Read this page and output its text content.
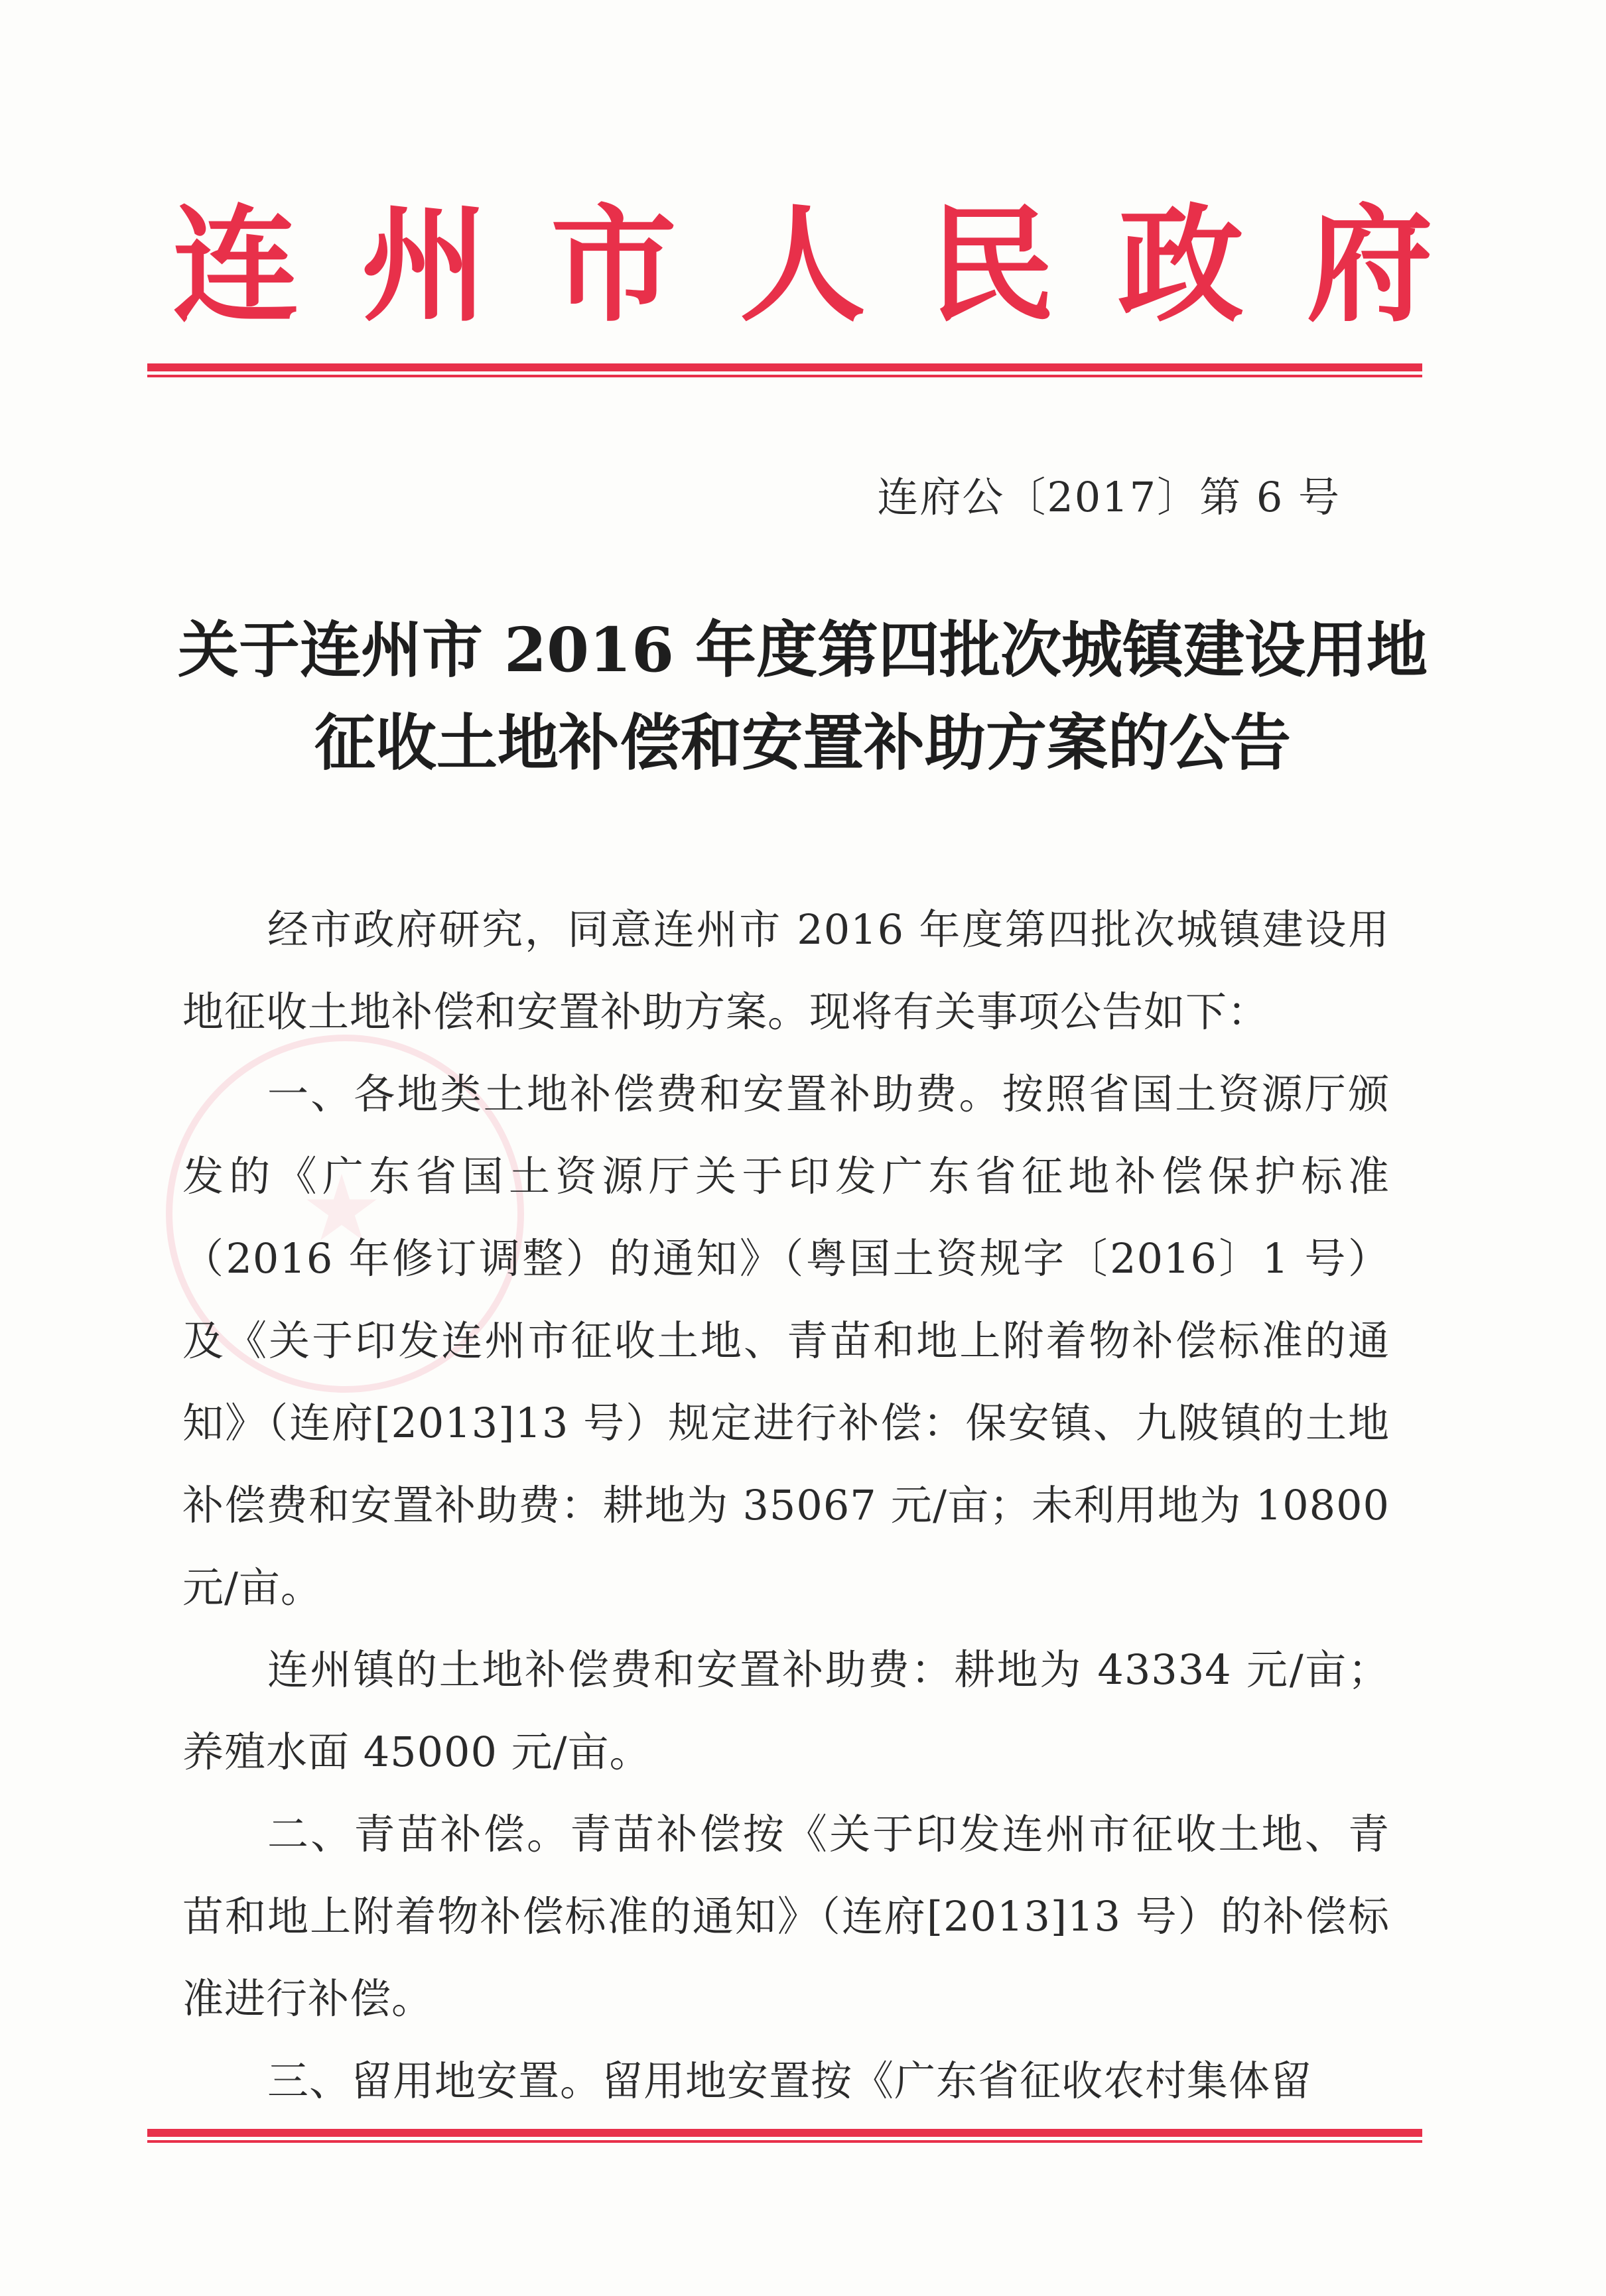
连 州 市 人 民 政 府
连府公〔2017〕第 6 号
关于连州市 2016 年度第四批次城镇建设用地
征收土地补偿和安置补助方案的公告

经市政府研究，同意连州市 2016 年度第四批次城镇建设用地征收土地补偿和安置补助方案。现将有关事项公告如下：

一、各地类土地补偿费和安置补助费。按照省国土资源厅颁发的《广东省国土资源厅关于印发广东省征地补偿保护标准（2016 年修订调整）的通知》（粤国土资规字〔2016〕1 号）及《关于印发连州市征收土地、青苗和地上附着物补偿标准的通知》（连府[2013]13 号）规定进行补偿：保安镇、九陂镇的土地补偿费和安置补助费：耕地为 35067 元/亩；未利用地为 10800 元/亩。

连州镇的土地补偿费和安置补助费：耕地为 43334 元/亩；养殖水面 45000 元/亩。

二、青苗补偿。青苗补偿按《关于印发连州市征收土地、青苗和地上附着物补偿标准的通知》（连府[2013]13 号）的补偿标准进行补偿。

三、留用地安置。留用地安置按《广东省征收农村集体留
